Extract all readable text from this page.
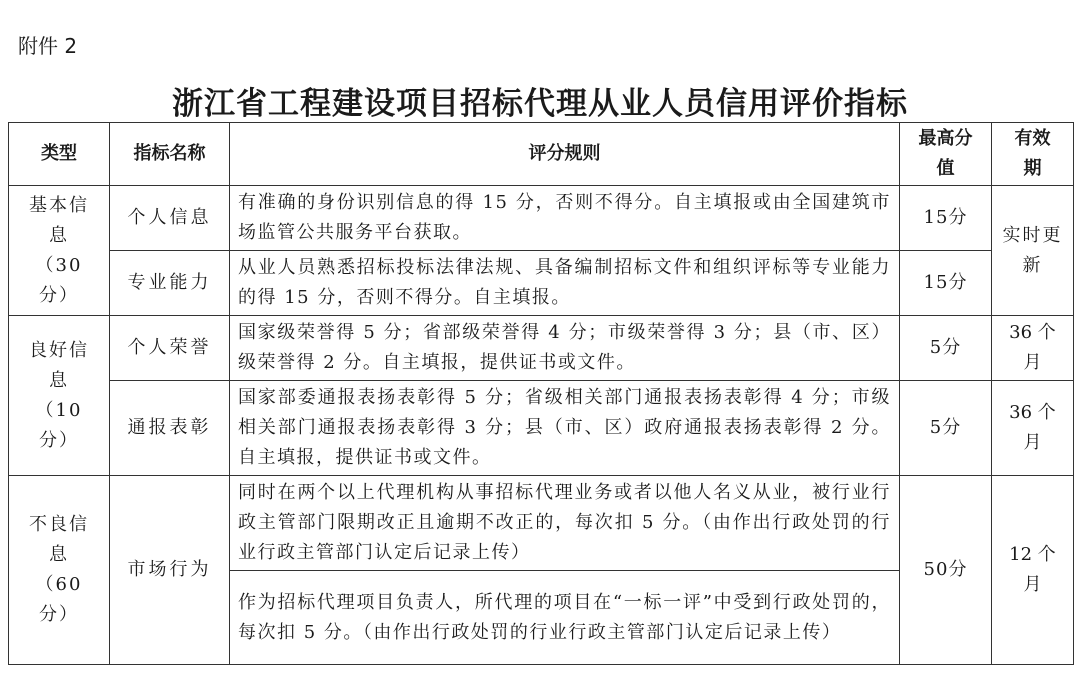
附件 2
浙江省工程建设项目招标代理从业人员信用评价指标
类型	指标名称	评分规则	最高分值	有效期
基本信息（30分）	个人信息	有准确的身份识别信息的得 15 分，否则不得分。自主填报或由全国建筑市场监管公共服务平台获取。	15分	实时更新
	专业能力	从业人员熟悉招标投标法律法规、具备编制招标文件和组织评标等专业能力的得 15 分，否则不得分。自主填报。	15分	
良好信息（10分）	个人荣誉	国家级荣誉得 5 分；省部级荣誉得 4 分；市级荣誉得 3 分；县（市、区）级荣誉得 2 分。自主填报，提供证书或文件。	5分	36 个月
	通报表彰	国家部委通报表扬表彰得 5 分；省级相关部门通报表扬表彰得 4 分；市级相关部门通报表扬表彰得 3 分；县（市、区）政府通报表扬表彰得 2 分。自主填报，提供证书或文件。	5分	36 个月
不良信息（60分）	市场行为	同时在两个以上代理机构从事招标代理业务或者以他人名义从业，被行业行政主管部门限期改正且逾期不改正的，每次扣 5 分。（由作出行政处罚的行业行政主管部门认定后记录上传）	50分	12 个月
		作为招标代理项目负责人，所代理的项目在“一标一评”中受到行政处罚的，每次扣 5 分。（由作出行政处罚的行业行政主管部门认定后记录上传）		
